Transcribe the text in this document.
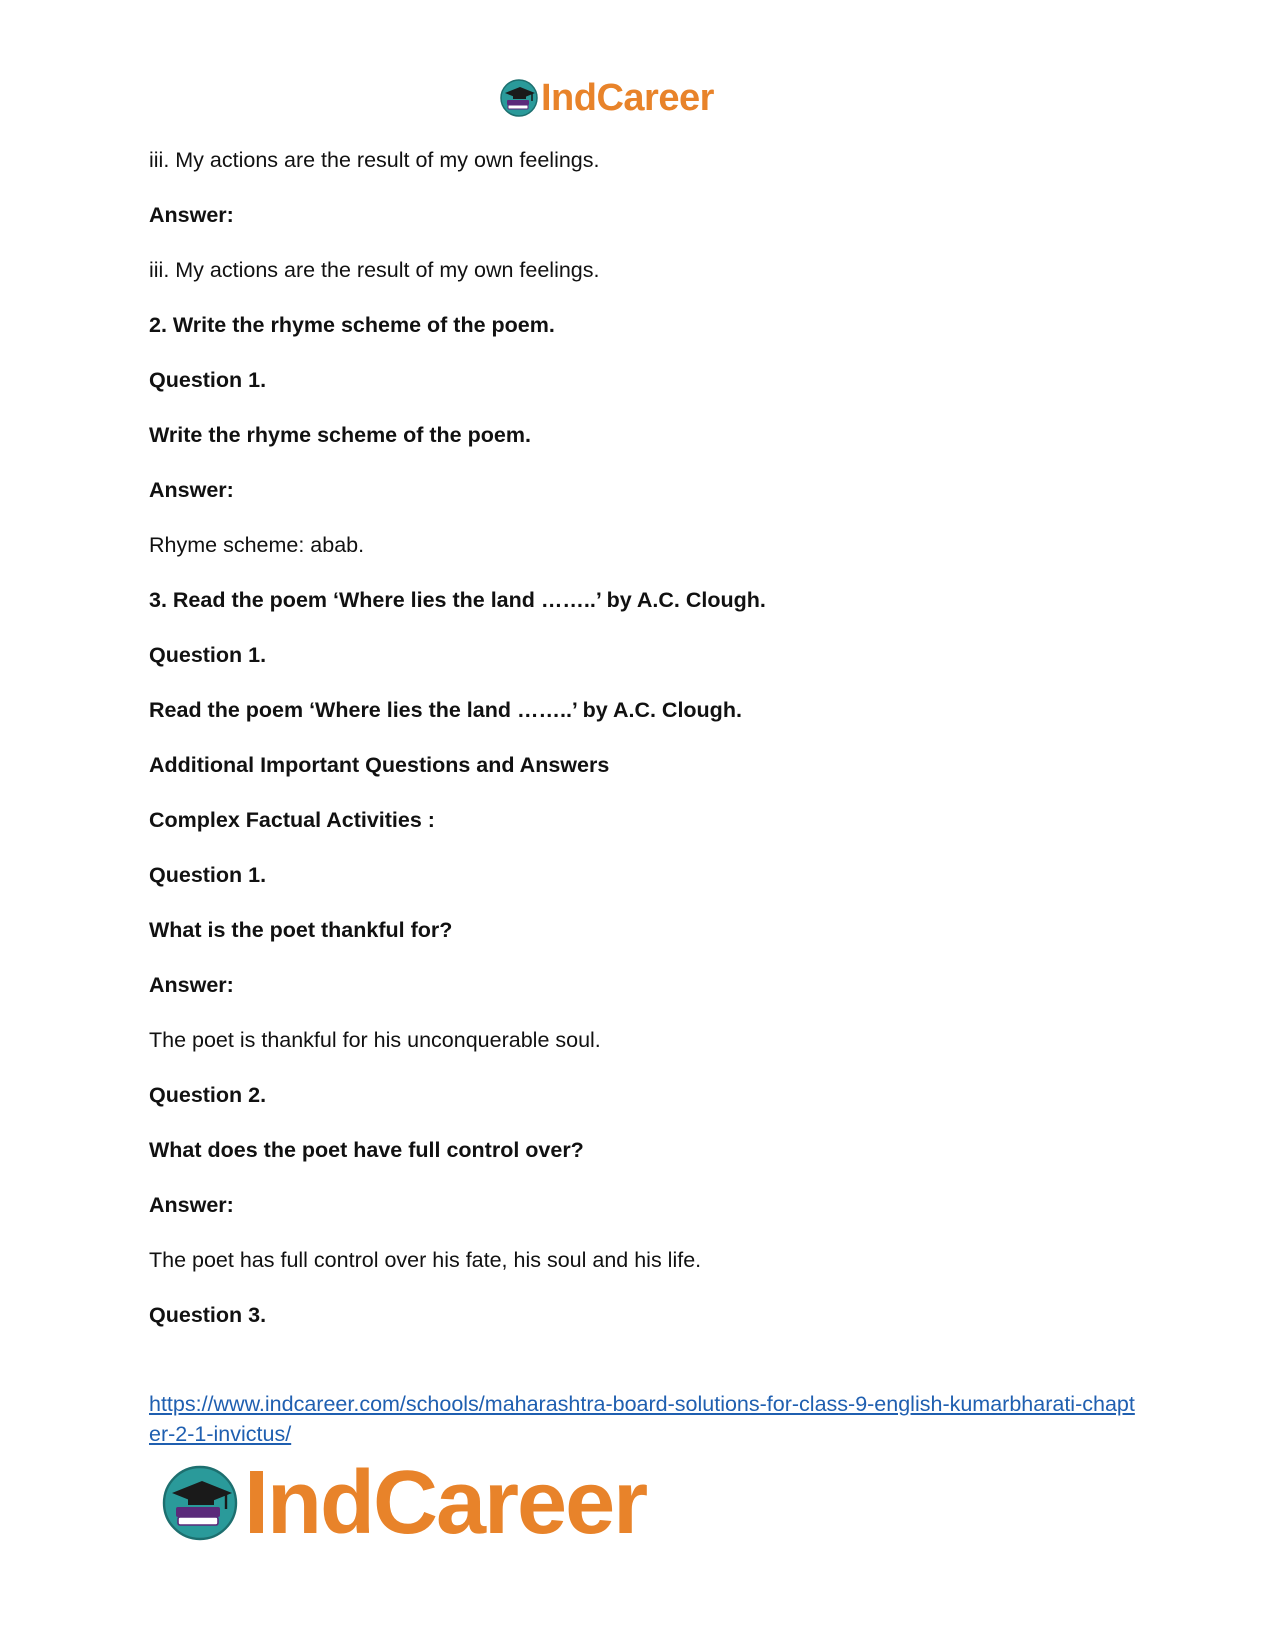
IndCareer

iii. My actions are the result of my own feelings.

Answer:

iii. My actions are the result of my own feelings.

2. Write the rhyme scheme of the poem.

Question 1.

Write the rhyme scheme of the poem.

Answer:

Rhyme scheme: abab.

3. Read the poem ‘Where lies the land ……..’ by A.C. Clough.

Question 1.

Read the poem ‘Where lies the land ……..’ by A.C. Clough.

Additional Important Questions and Answers

Complex Factual Activities :

Question 1.

What is the poet thankful for?

Answer:

The poet is thankful for his unconquerable soul.

Question 2.

What does the poet have full control over?

Answer:

The poet has full control over his fate, his soul and his life.

Question 3.

https://www.indcareer.com/schools/maharashtra-board-solutions-for-class-9-english-kumarbharati-chapter-2-1-invictus/
IndCareer
